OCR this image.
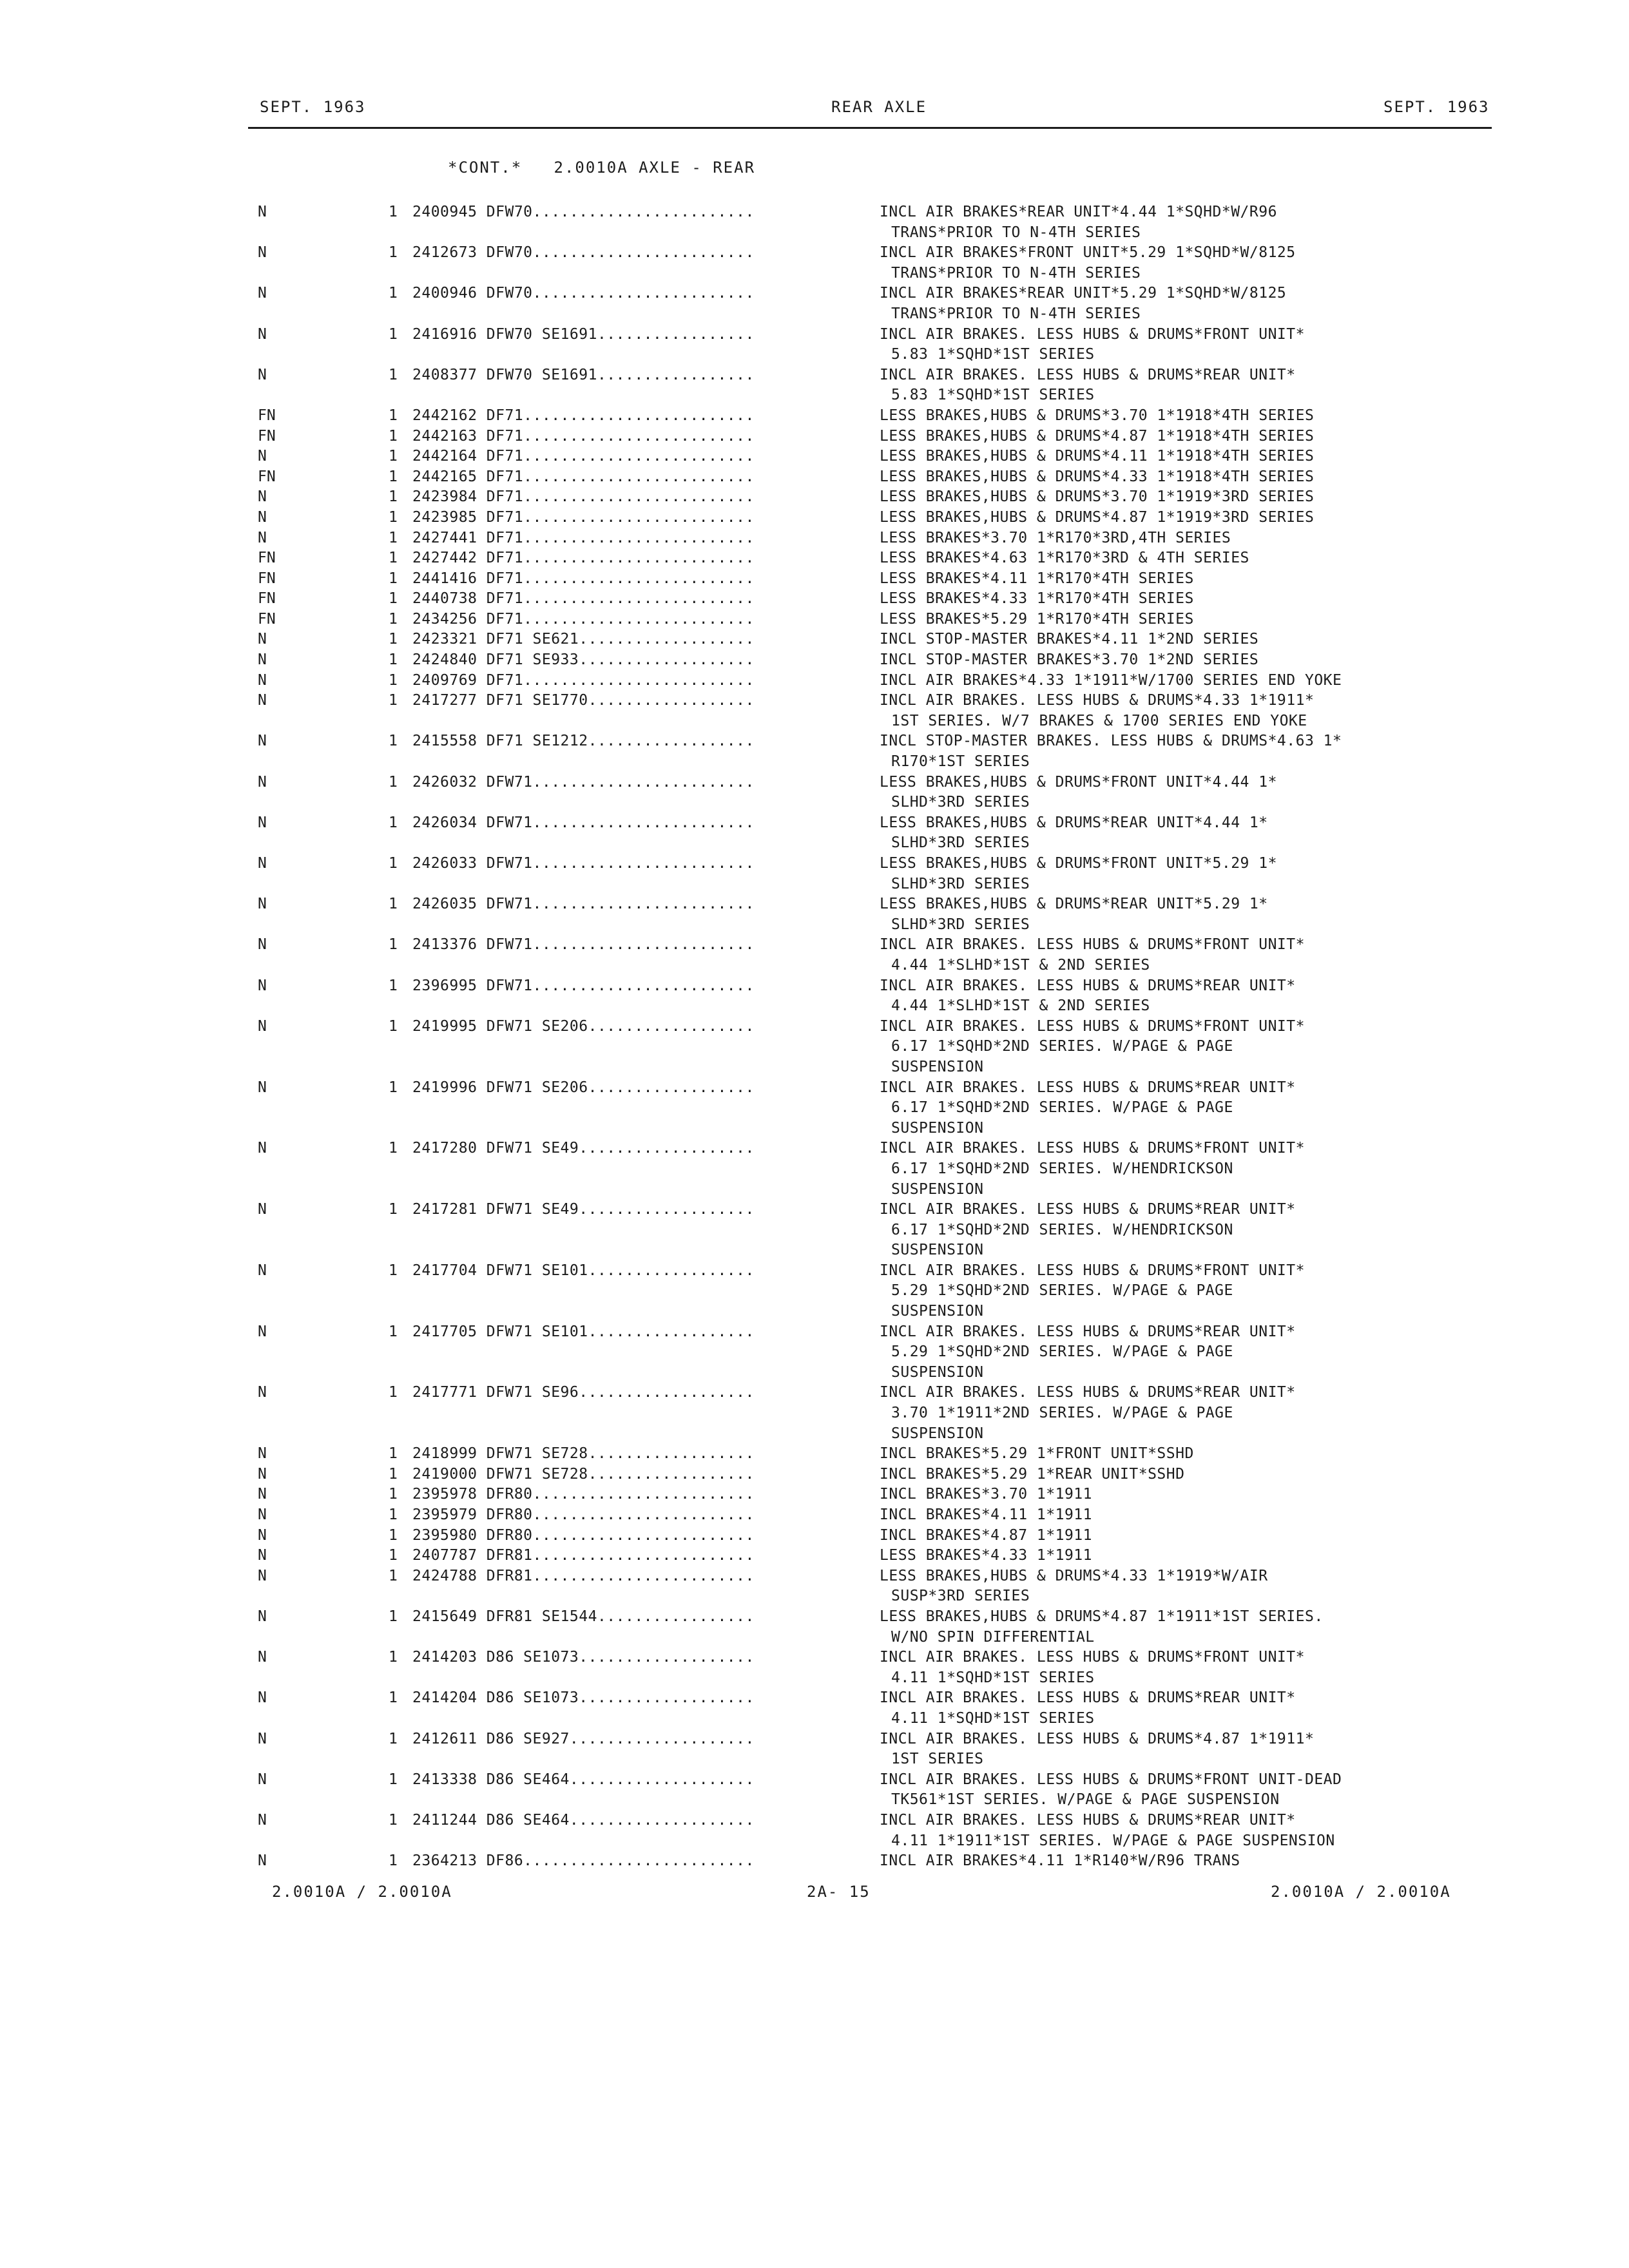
SEPT. 1963	REAR AXLE	SEPT. 1963
*CONT.*   2.0010A AXLE - REAR
N	1	2400945 DFW70........................	INCL AIR BRAKES*REAR UNIT*4.44 1*SQHD*W/R96
TRANS*PRIOR TO N-4TH SERIES
N	1	2412673 DFW70........................	INCL AIR BRAKES*FRONT UNIT*5.29 1*SQHD*W/8125
TRANS*PRIOR TO N-4TH SERIES
N	1	2400946 DFW70........................	INCL AIR BRAKES*REAR UNIT*5.29 1*SQHD*W/8125
TRANS*PRIOR TO N-4TH SERIES
N	1	2416916 DFW70 SE1691.................	INCL AIR BRAKES. LESS HUBS & DRUMS*FRONT UNIT*
5.83 1*SQHD*1ST SERIES
N	1	2408377 DFW70 SE1691.................	INCL AIR BRAKES. LESS HUBS & DRUMS*REAR UNIT*
5.83 1*SQHD*1ST SERIES
FN	1	2442162 DF71.........................	LESS BRAKES,HUBS & DRUMS*3.70 1*1918*4TH SERIES
FN	1	2442163 DF71.........................	LESS BRAKES,HUBS & DRUMS*4.87 1*1918*4TH SERIES
N	1	2442164 DF71.........................	LESS BRAKES,HUBS & DRUMS*4.11 1*1918*4TH SERIES
FN	1	2442165 DF71.........................	LESS BRAKES,HUBS & DRUMS*4.33 1*1918*4TH SERIES
N	1	2423984 DF71.........................	LESS BRAKES,HUBS & DRUMS*3.70 1*1919*3RD SERIES
N	1	2423985 DF71.........................	LESS BRAKES,HUBS & DRUMS*4.87 1*1919*3RD SERIES
N	1	2427441 DF71.........................	LESS BRAKES*3.70 1*R170*3RD,4TH SERIES
FN	1	2427442 DF71.........................	LESS BRAKES*4.63 1*R170*3RD & 4TH SERIES
FN	1	2441416 DF71.........................	LESS BRAKES*4.11 1*R170*4TH SERIES
FN	1	2440738 DF71.........................	LESS BRAKES*4.33 1*R170*4TH SERIES
FN	1	2434256 DF71.........................	LESS BRAKES*5.29 1*R170*4TH SERIES
N	1	2423321 DF71 SE621...................	INCL STOP-MASTER BRAKES*4.11 1*2ND SERIES
N	1	2424840 DF71 SE933...................	INCL STOP-MASTER BRAKES*3.70 1*2ND SERIES
N	1	2409769 DF71.........................	INCL AIR BRAKES*4.33 1*1911*W/1700 SERIES END YOKE
N	1	2417277 DF71 SE1770..................	INCL AIR BRAKES. LESS HUBS & DRUMS*4.33 1*1911*
1ST SERIES. W/7 BRAKES & 1700 SERIES END YOKE
N	1	2415558 DF71 SE1212..................	INCL STOP-MASTER BRAKES. LESS HUBS & DRUMS*4.63 1*
R170*1ST SERIES
N	1	2426032 DFW71........................	LESS BRAKES,HUBS & DRUMS*FRONT UNIT*4.44 1*
SLHD*3RD SERIES
N	1	2426034 DFW71........................	LESS BRAKES,HUBS & DRUMS*REAR UNIT*4.44 1*
SLHD*3RD SERIES
N	1	2426033 DFW71........................	LESS BRAKES,HUBS & DRUMS*FRONT UNIT*5.29 1*
SLHD*3RD SERIES
N	1	2426035 DFW71........................	LESS BRAKES,HUBS & DRUMS*REAR UNIT*5.29 1*
SLHD*3RD SERIES
N	1	2413376 DFW71........................	INCL AIR BRAKES. LESS HUBS & DRUMS*FRONT UNIT*
4.44 1*SLHD*1ST & 2ND SERIES
N	1	2396995 DFW71........................	INCL AIR BRAKES. LESS HUBS & DRUMS*REAR UNIT*
4.44 1*SLHD*1ST & 2ND SERIES
N	1	2419995 DFW71 SE206..................	INCL AIR BRAKES. LESS HUBS & DRUMS*FRONT UNIT*
6.17 1*SQHD*2ND SERIES. W/PAGE & PAGE
SUSPENSION
N	1	2419996 DFW71 SE206..................	INCL AIR BRAKES. LESS HUBS & DRUMS*REAR UNIT*
6.17 1*SQHD*2ND SERIES. W/PAGE & PAGE
SUSPENSION
N	1	2417280 DFW71 SE49...................	INCL AIR BRAKES. LESS HUBS & DRUMS*FRONT UNIT*
6.17 1*SQHD*2ND SERIES. W/HENDRICKSON
SUSPENSION
N	1	2417281 DFW71 SE49...................	INCL AIR BRAKES. LESS HUBS & DRUMS*REAR UNIT*
6.17 1*SQHD*2ND SERIES. W/HENDRICKSON
SUSPENSION
N	1	2417704 DFW71 SE101..................	INCL AIR BRAKES. LESS HUBS & DRUMS*FRONT UNIT*
5.29 1*SQHD*2ND SERIES. W/PAGE & PAGE
SUSPENSION
N	1	2417705 DFW71 SE101..................	INCL AIR BRAKES. LESS HUBS & DRUMS*REAR UNIT*
5.29 1*SQHD*2ND SERIES. W/PAGE & PAGE
SUSPENSION
N	1	2417771 DFW71 SE96...................	INCL AIR BRAKES. LESS HUBS & DRUMS*REAR UNIT*
3.70 1*1911*2ND SERIES. W/PAGE & PAGE
SUSPENSION
N	1	2418999 DFW71 SE728..................	INCL BRAKES*5.29 1*FRONT UNIT*SSHD
N	1	2419000 DFW71 SE728..................	INCL BRAKES*5.29 1*REAR UNIT*SSHD
N	1	2395978 DFR80........................	INCL BRAKES*3.70 1*1911
N	1	2395979 DFR80........................	INCL BRAKES*4.11 1*1911
N	1	2395980 DFR80........................	INCL BRAKES*4.87 1*1911
N	1	2407787 DFR81........................	LESS BRAKES*4.33 1*1911
N	1	2424788 DFR81........................	LESS BRAKES,HUBS & DRUMS*4.33 1*1919*W/AIR
SUSP*3RD SERIES
N	1	2415649 DFR81 SE1544.................	LESS BRAKES,HUBS & DRUMS*4.87 1*1911*1ST SERIES.
W/NO SPIN DIFFERENTIAL
N	1	2414203 D86 SE1073...................	INCL AIR BRAKES. LESS HUBS & DRUMS*FRONT UNIT*
4.11 1*SQHD*1ST SERIES
N	1	2414204 D86 SE1073...................	INCL AIR BRAKES. LESS HUBS & DRUMS*REAR UNIT*
4.11 1*SQHD*1ST SERIES
N	1	2412611 D86 SE927....................	INCL AIR BRAKES. LESS HUBS & DRUMS*4.87 1*1911*
1ST SERIES
N	1	2413338 D86 SE464....................	INCL AIR BRAKES. LESS HUBS & DRUMS*FRONT UNIT-DEAD
TK561*1ST SERIES. W/PAGE & PAGE SUSPENSION
N	1	2411244 D86 SE464....................	INCL AIR BRAKES. LESS HUBS & DRUMS*REAR UNIT*
4.11 1*1911*1ST SERIES. W/PAGE & PAGE SUSPENSION
N	1	2364213 DF86.........................	INCL AIR BRAKES*4.11 1*R140*W/R96 TRANS
2.0010A / 2.0010A	2A- 15	2.0010A / 2.0010A
